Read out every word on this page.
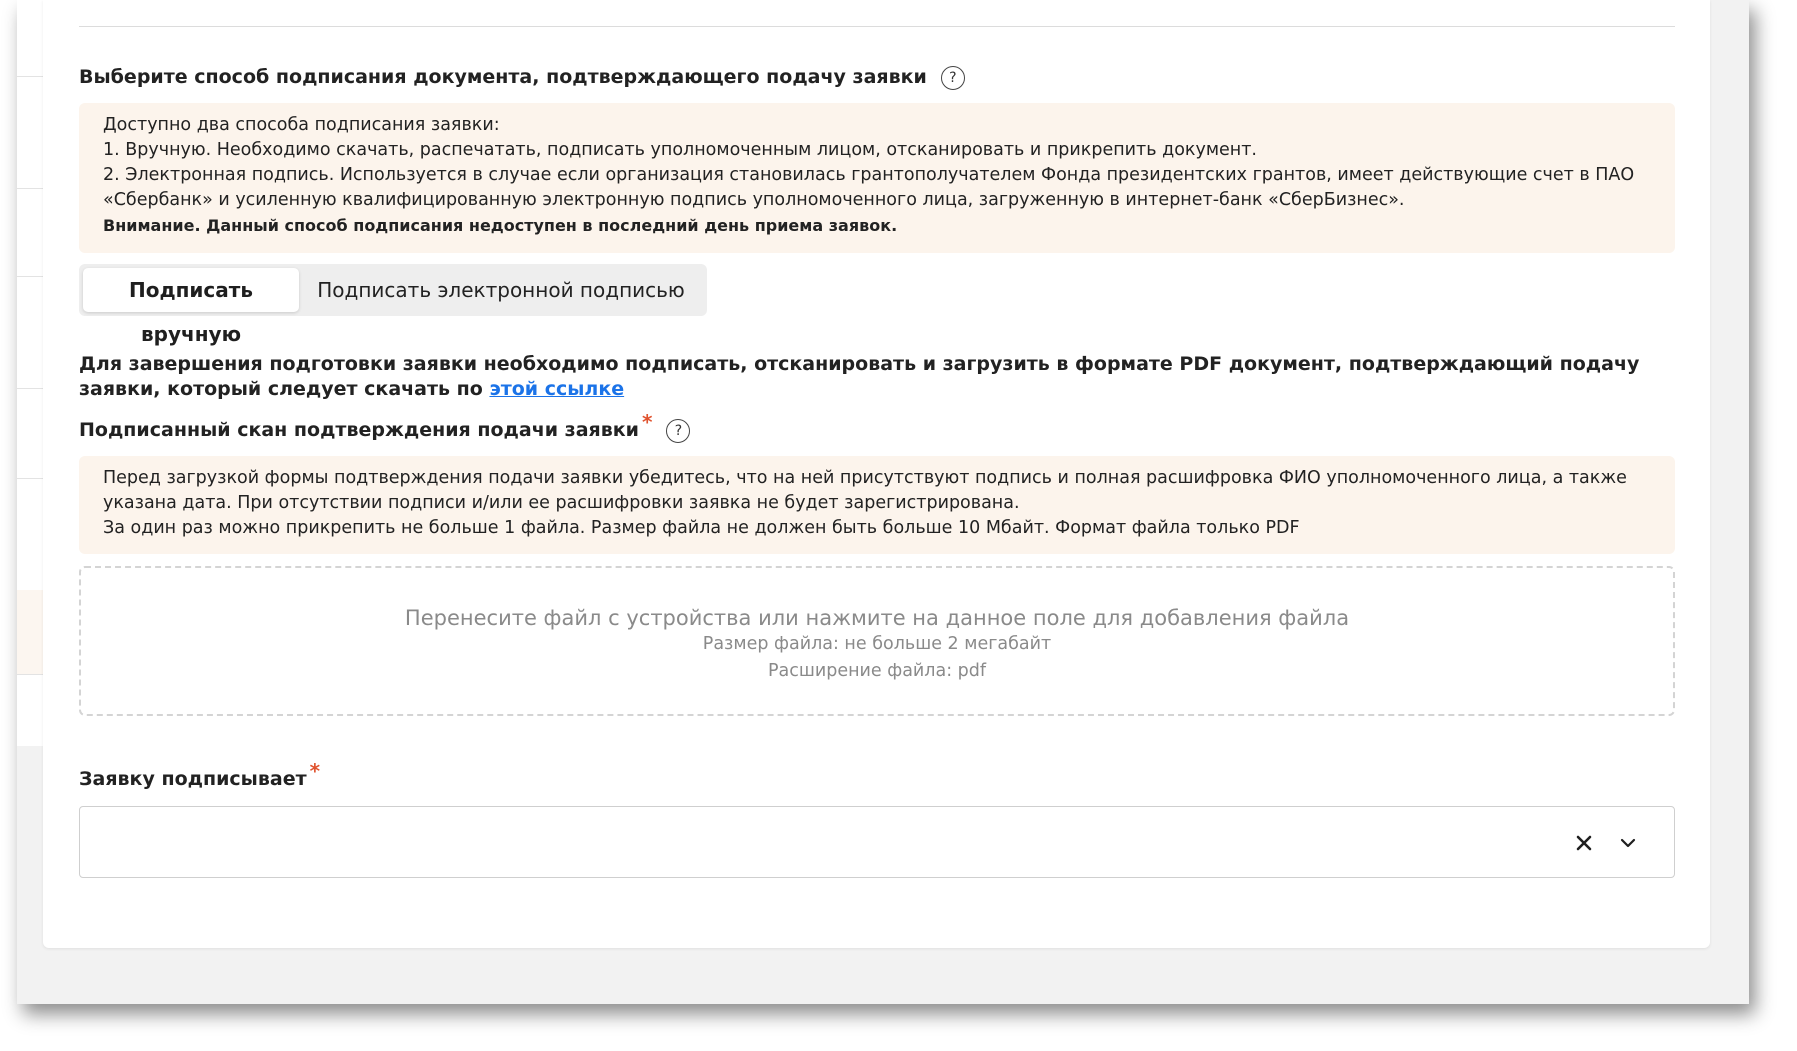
Выберите способ подписания документа, подтверждающего подачу заявки ?

Доступно два способа подписания заявки:

1. Вручную. Необходимо скачать, распечатать, подписать уполномоченным лицом, отсканировать и прикрепить документ.

2. Электронная подпись. Используется в случае если организация становилась грантополучателем Фонда президентских грантов, имеет действующие счет в ПАО «Сбербанк» и усиленную квалифицированную электронную подпись уполномоченного лица, загруженную в интернет-банк «СберБизнес».

Внимание. Данный способ подписания недоступен в последний день приема заявок.

Подписать вручную
Подписать электронной подписью

Для завершения подготовки заявки необходимо подписать, отсканировать и загрузить в формате PDF документ, подтверждающий подачу заявки, который следует скачать по этой ссылке

Подписанный скан подтверждения подачи заявки * ?

Перед загрузкой формы подтверждения подачи заявки убедитесь, что на ней присутствуют подпись и полная расшифровка ФИО уполномоченного лица, а также указана дата. При отсутствии подписи и/или ее расшифровки заявка не будет зарегистрирована.

За один раз можно прикрепить не больше 1 файла. Размер файла не должен быть больше 10 Мбайт. Формат файла только PDF

Перенесите файл с устройства или нажмите на данное поле для добавления файла
Размер файла: не больше 2 мегабайт
Расширение файла: pdf
Заявку подписывает *
